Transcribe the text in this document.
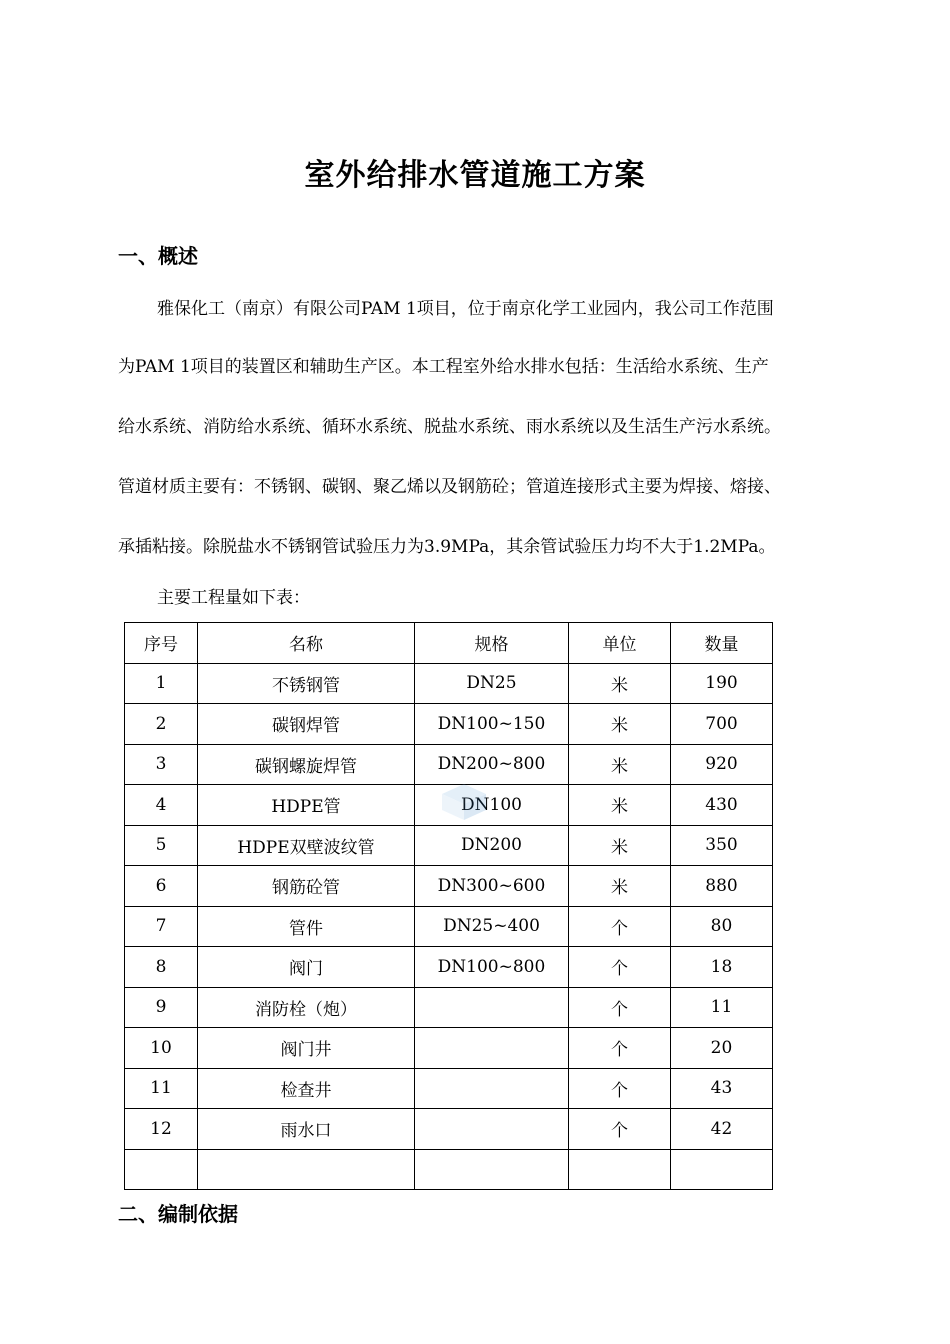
室外给排水管道施工方案
一、概述
雅保化工（南京）有限公司PAM 1项目，位于南京化学工业园内，我公司工作范围
为PAM 1项目的装置区和辅助生产区。本工程室外给水排水包括：生活给水系统、生产
给水系统、消防给水系统、循环水系统、脱盐水系统、雨水系统以及生活生产污水系统。
管道材质主要有：不锈钢、碳钢、聚乙烯以及钢筋砼；管道连接形式主要为焊接、熔接、
承插粘接。除脱盐水不锈钢管试验压力为3.9MPa，其余管试验压力均不大于1.2MPa。
主要工程量如下表：
序号	名称	规格	单位	数量
1	不锈钢管	DN25	米	190
2	碳钢焊管	DN100~150	米	700
3	碳钢螺旋焊管	DN200~800	米	920
4	HDPE管	DN100	米	430
5	HDPE双壁波纹管	DN200	米	350
6	钢筋砼管	DN300~600	米	880
7	管件	DN25~400	个	80
8	阀门	DN100~800	个	18
9	消防栓（炮）		个	11
10	阀门井		个	20
11	检查井		个	43
12	雨水口		个	42

二、编制依据
